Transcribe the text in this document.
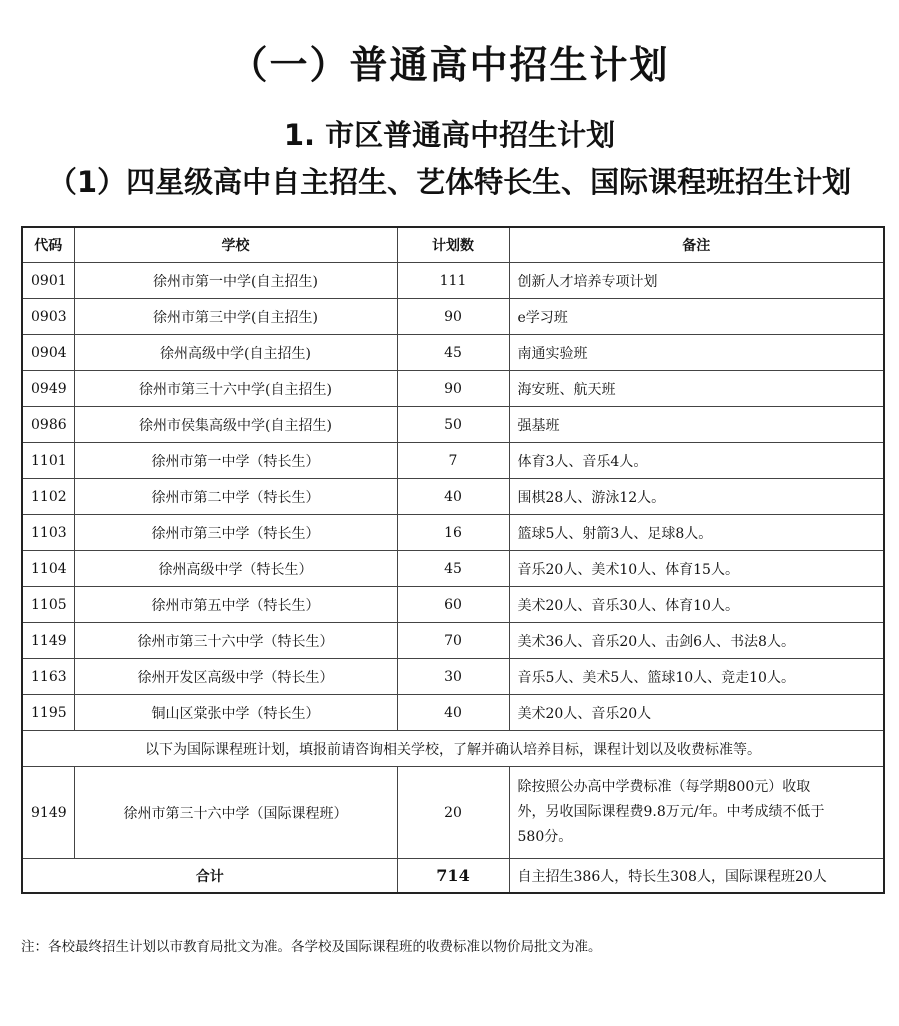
（一）普通高中招生计划
1. 市区普通高中招生计划
（1）四星级高中自主招生、艺体特长生、国际课程班招生计划
代码	学校	计划数	备注
0901	徐州市第一中学(自主招生)	111	创新人才培养专项计划
0903	徐州市第三中学(自主招生)	90	e学习班
0904	徐州高级中学(自主招生)	45	南通实验班
0949	徐州市第三十六中学(自主招生)	90	海安班、航天班
0986	徐州市侯集高级中学(自主招生)	50	强基班
1101	徐州市第一中学（特长生）	7	体育3人、音乐4人。
1102	徐州市第二中学（特长生）	40	围棋28人、游泳12人。
1103	徐州市第三中学（特长生）	16	篮球5人、射箭3人、足球8人。
1104	徐州高级中学（特长生）	45	音乐20人、美术10人、体育15人。
1105	徐州市第五中学（特长生）	60	美术20人、音乐30人、体育10人。
1149	徐州市第三十六中学（特长生）	70	美术36人、音乐20人、击剑6人、书法8人。
1163	徐州开发区高级中学（特长生）	30	音乐5人、美术5人、篮球10人、竞走10人。
1195	铜山区棠张中学（特长生）	40	美术20人、音乐20人
以下为国际课程班计划，填报前请咨询相关学校，了解并确认培养目标，课程计划以及收费标准等。			
9149	徐州市第三十六中学（国际课程班）	20	除按照公办高中学费标准（每学期800元）收取
外，另收国际课程费9.8万元/年。中考成绩不低于
580分。

合计		714	自主招生386人，特长生308人，国际课程班20人
注：各校最终招生计划以市教育局批文为准。各学校及国际课程班的收费标准以物价局批文为准。
